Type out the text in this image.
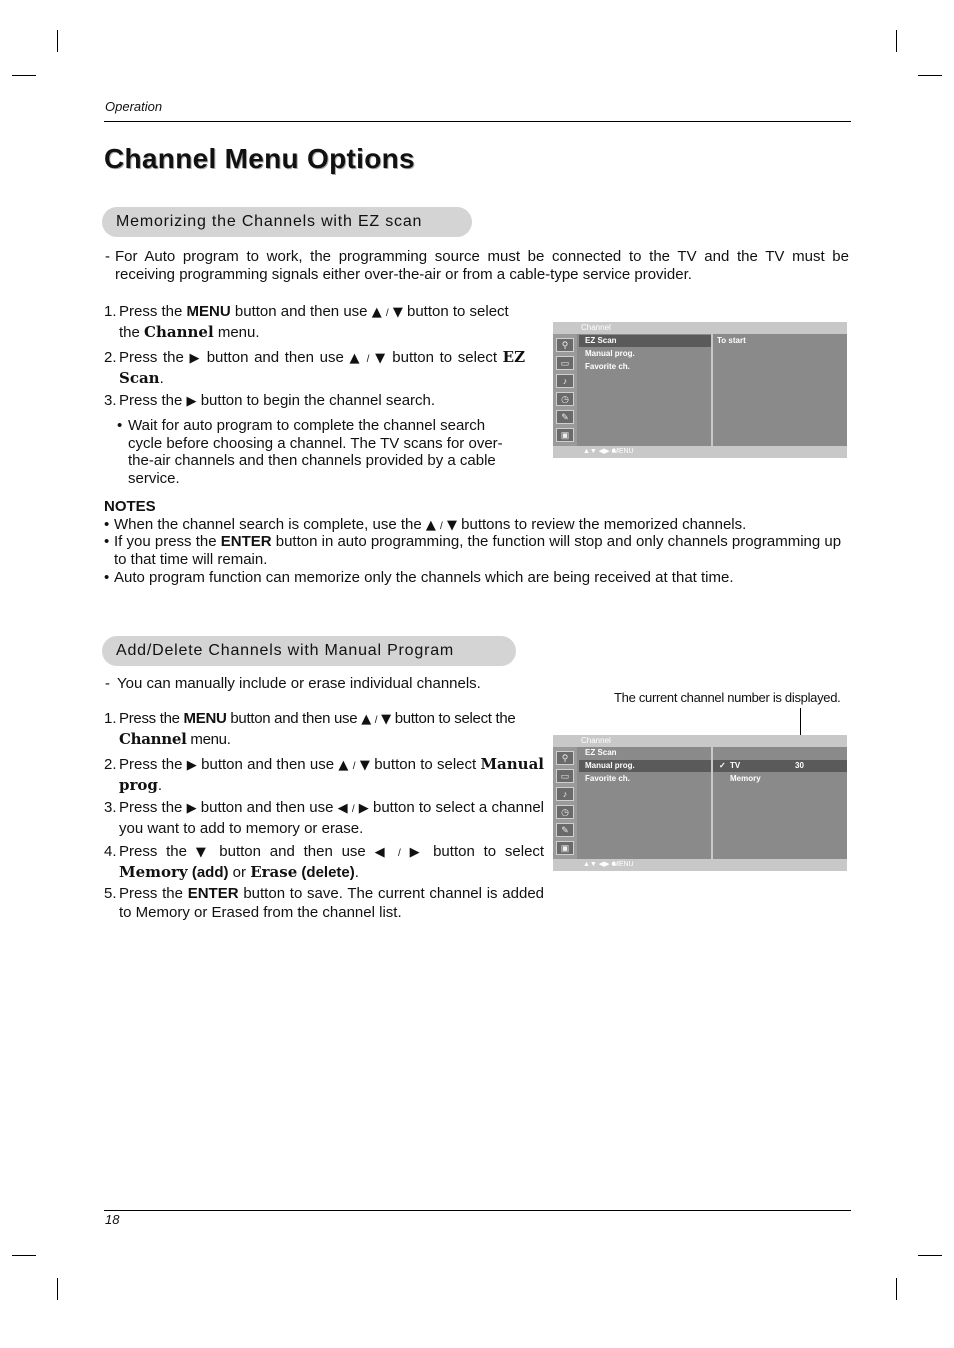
Operation
Channel Menu Options
Memorizing the Channels with EZ scan
- For Auto program to work, the programming source must be connected to the TV and the TV must be receiving programming signals either over-the-air or from a cable-type service provider.
1. Press the MENU button and then use ▲ / ▼ button to select the Channel menu.
2. Press the ▶ button and then use ▲ / ▼ button to select EZ Scan.
3. Press the ▶ button to begin the channel search.
• Wait for auto program to complete the channel search cycle before choosing a channel. The TV scans for over-the-air channels and then channels provided by a cable service.
Channel
⚲
▭
♪
◷
✎
▣
EZ Scan
Manual prog.
Favorite ch.
To start
▲▼ ◀▶ ■
MENU
NOTES
• When the channel search is complete, use the ▲ / ▼ buttons to review the memorized channels.
• If you press the ENTER button in auto programming, the function will stop and only channels programming up to that time will remain.
• Auto program function can memorize only the channels which are being received at that time.
Add/Delete Channels with Manual Program
- You can manually include or erase individual channels.
1. Press the MENU button and then use ▲ / ▼ button to select the Channel menu.
2. Press the ▶ button and then use ▲ / ▼ button to select Manual prog.
3. Press the ▶ button and then use ◀ / ▶ button to select a channel you want to add to memory or erase.
4. Press the ▼ button and then use ◀ / ▶ button to select Memory (add) or Erase (delete).
5. Press the ENTER button to save. The current channel is added to Memory or Erased from the channel list.
The current channel number is displayed.
Channel
⚲
▭
♪
◷
✎
▣
EZ Scan
Manual prog.
Favorite ch.
✓ TV	30
Memory
▲▼ ◀▶ ■
MENU
18
